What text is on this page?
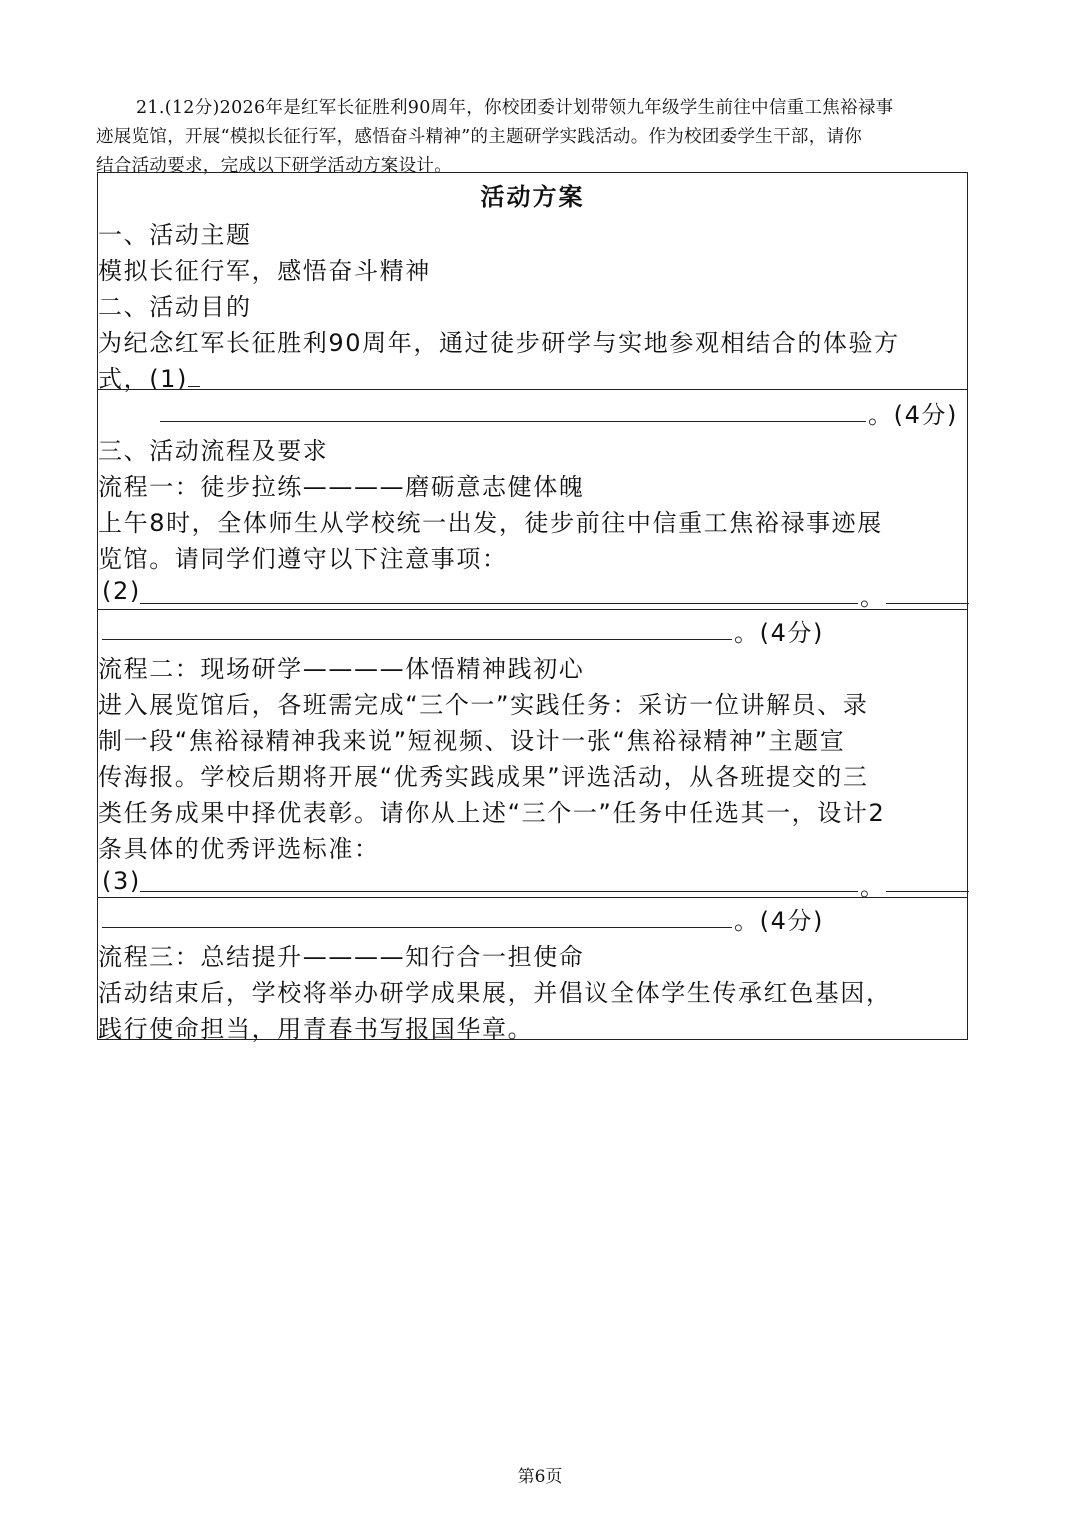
21.(12分)2026年是红军长征胜利90周年，你校团委计划带领九年级学生前往中信重工焦裕禄事
迹展览馆，开展“模拟长征行军，感悟奋斗精神”的主题研学实践活动。作为校团委学生干部，请你
结合活动要求，完成以下研学活动方案设计。
活动方案
一、活动主题
模拟长征行军，感悟奋斗精神
二、活动目的
为纪念红军长征胜利90周年，通过徒步研学与实地参观相结合的体验方
式，(1)
。(4分)
三、活动流程及要求
流程一：徒步拉练————磨砺意志健体魄
上午8时，全体师生从学校统一出发，徒步前往中信重工焦裕禄事迹展
览馆。请同学们遵守以下注意事项：
(2)	。
。(4分)
流程二：现场研学————体悟精神践初心
进入展览馆后，各班需完成“三个一”实践任务：采访一位讲解员、录
制一段“焦裕禄精神我来说”短视频、设计一张“焦裕禄精神”主题宣
传海报。学校后期将开展“优秀实践成果”评选活动，从各班提交的三
类任务成果中择优表彰。请你从上述“三个一”任务中任选其一，设计2
条具体的优秀评选标准：
(3)	。
。(4分)
流程三：总结提升————知行合一担使命
活动结束后，学校将举办研学成果展，并倡议全体学生传承红色基因，
践行使命担当，用青春书写报国华章。
第6页
